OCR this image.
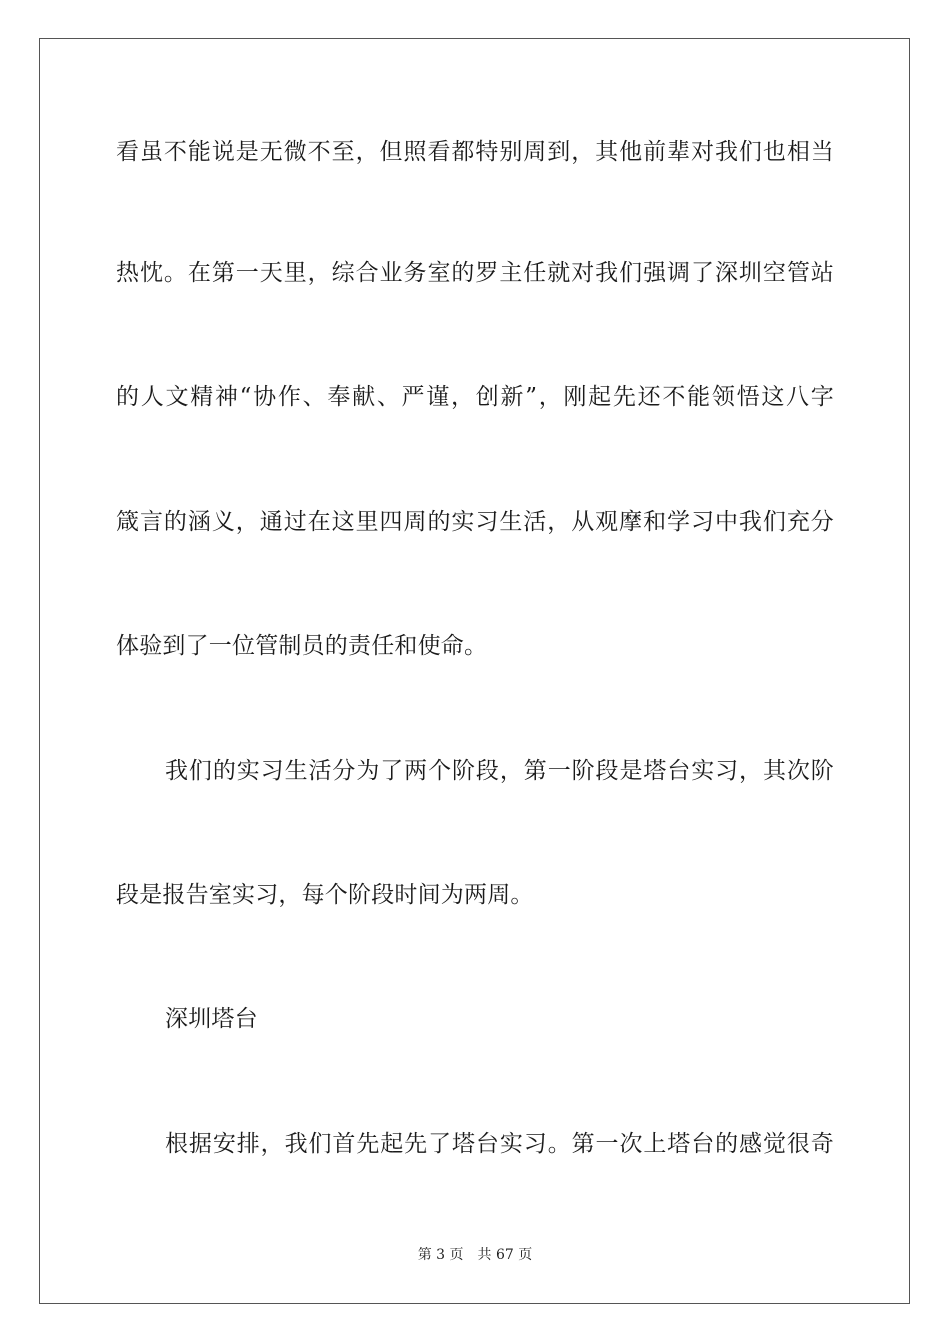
看虽不能说是无微不至，但照看都特别周到，其他前辈对我们也相当
热忱。在第一天里，综合业务室的罗主任就对我们强调了深圳空管站
的人文精神“协作、奉献、严谨，创新”，刚起先还不能领悟这八字
箴言的涵义，通过在这里四周的实习生活，从观摩和学习中我们充分
体验到了一位管制员的责任和使命。
我们的实习生活分为了两个阶段，第一阶段是塔台实习，其次阶
段是报告室实习，每个阶段时间为两周。
深圳塔台
根据安排，我们首先起先了塔台实习。第一次上塔台的感觉很奇
第 3 页 共 67 页
